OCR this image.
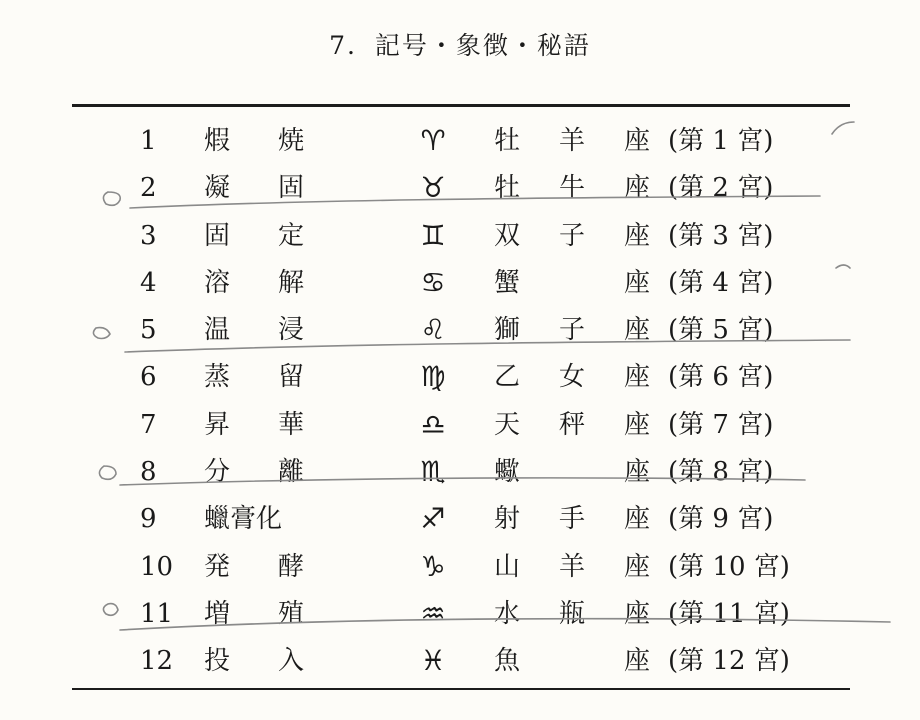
7. 記号・象徴・秘語
1	煆 焼	♈	牡 羊 座 (第 1 宮)
2	凝 固	♉	牡 牛 座 (第 2 宮)
3	固 定	♊	双 子 座 (第 3 宮)
4	溶 解	♋	蟹	座 (第 4 宮)
5	温 浸	♌	獅 子 座 (第 5 宮)
6	蒸 留	♍	乙 女 座 (第 6 宮)
7	昇 華	♎	天 秤 座 (第 7 宮)
8	分 離	♏	蠍	座 (第 8 宮)
9	蠟膏化	♐	射 手 座 (第 9 宮)
10 発 酵	♑	山 羊 座 (第 10 宮)
11 増 殖	♒	水 瓶 座 (第 11 宮)
12 投 入	♓	魚	座 (第 12 宮)
